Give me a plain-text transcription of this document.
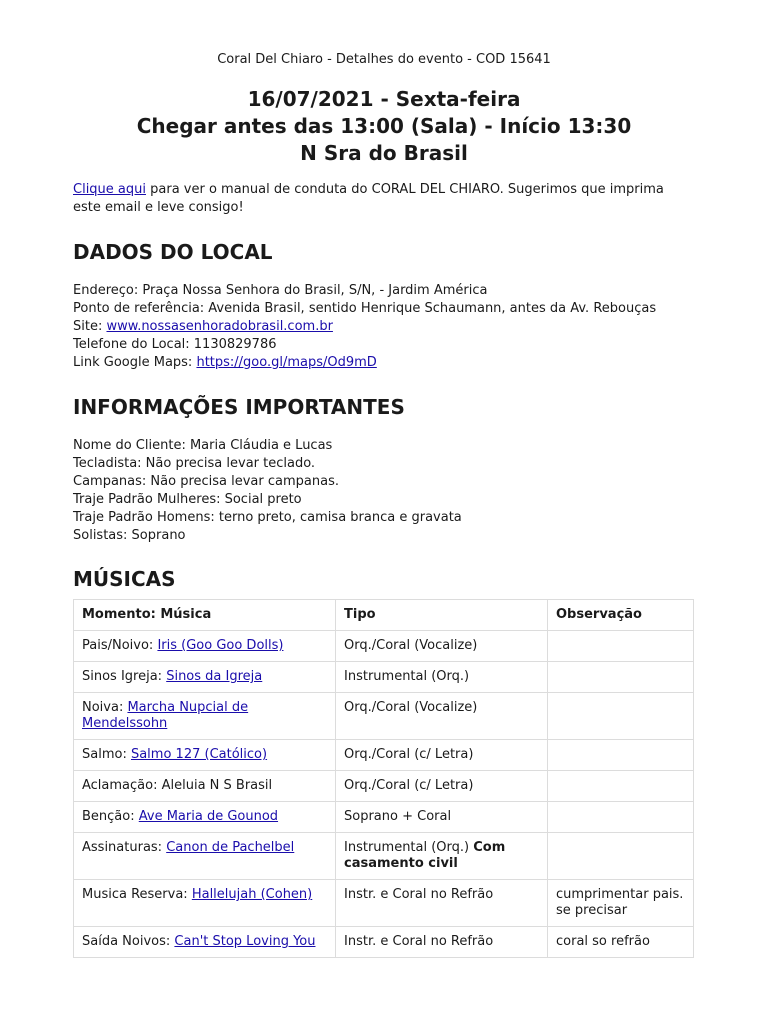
Coral Del Chiaro - Detalhes do evento - COD 15641
16/07/2021 - Sexta-feira
Chegar antes das 13:00 (Sala) - Início 13:30
N Sra do Brasil
Clique aqui para ver o manual de conduta do CORAL DEL CHIARO. Sugerimos que imprima este email e leve consigo!
DADOS DO LOCAL
Endereço: Praça Nossa Senhora do Brasil, S/N, - Jardim América
Ponto de referência: Avenida Brasil, sentido Henrique Schaumann, antes da Av. Rebouças
Site: www.nossasenhoradobrasil.com.br
Telefone do Local: 1130829786
Link Google Maps: https://goo.gl/maps/Od9mD
INFORMAÇÕES IMPORTANTES
Nome do Cliente: Maria Cláudia e Lucas
Tecladista: Não precisa levar teclado.
Campanas: Não precisa levar campanas.
Traje Padrão Mulheres: Social preto
Traje Padrão Homens: terno preto, camisa branca e gravata
Solistas: Soprano
MÚSICAS
Momento: Música	Tipo	Observação
Pais/Noivo: Iris (Goo Goo Dolls)	Orq./Coral (Vocalize)	
Sinos Igreja: Sinos da Igreja	Instrumental (Orq.)	
Noiva: Marcha Nupcial de Mendelssohn	Orq./Coral (Vocalize)	
Salmo: Salmo 127 (Católico)	Orq./Coral (c/ Letra)	
Aclamação: Aleluia N S Brasil	Orq./Coral (c/ Letra)	
Benção: Ave Maria de Gounod	Soprano + Coral	
Assinaturas: Canon de Pachelbel	Instrumental (Orq.) Com casamento civil	
Musica Reserva: Hallelujah (Cohen)	Instr. e Coral no Refrão	cumprimentar pais. se precisar
Saída Noivos: Can't Stop Loving You	Instr. e Coral no Refrão	coral so refrão
